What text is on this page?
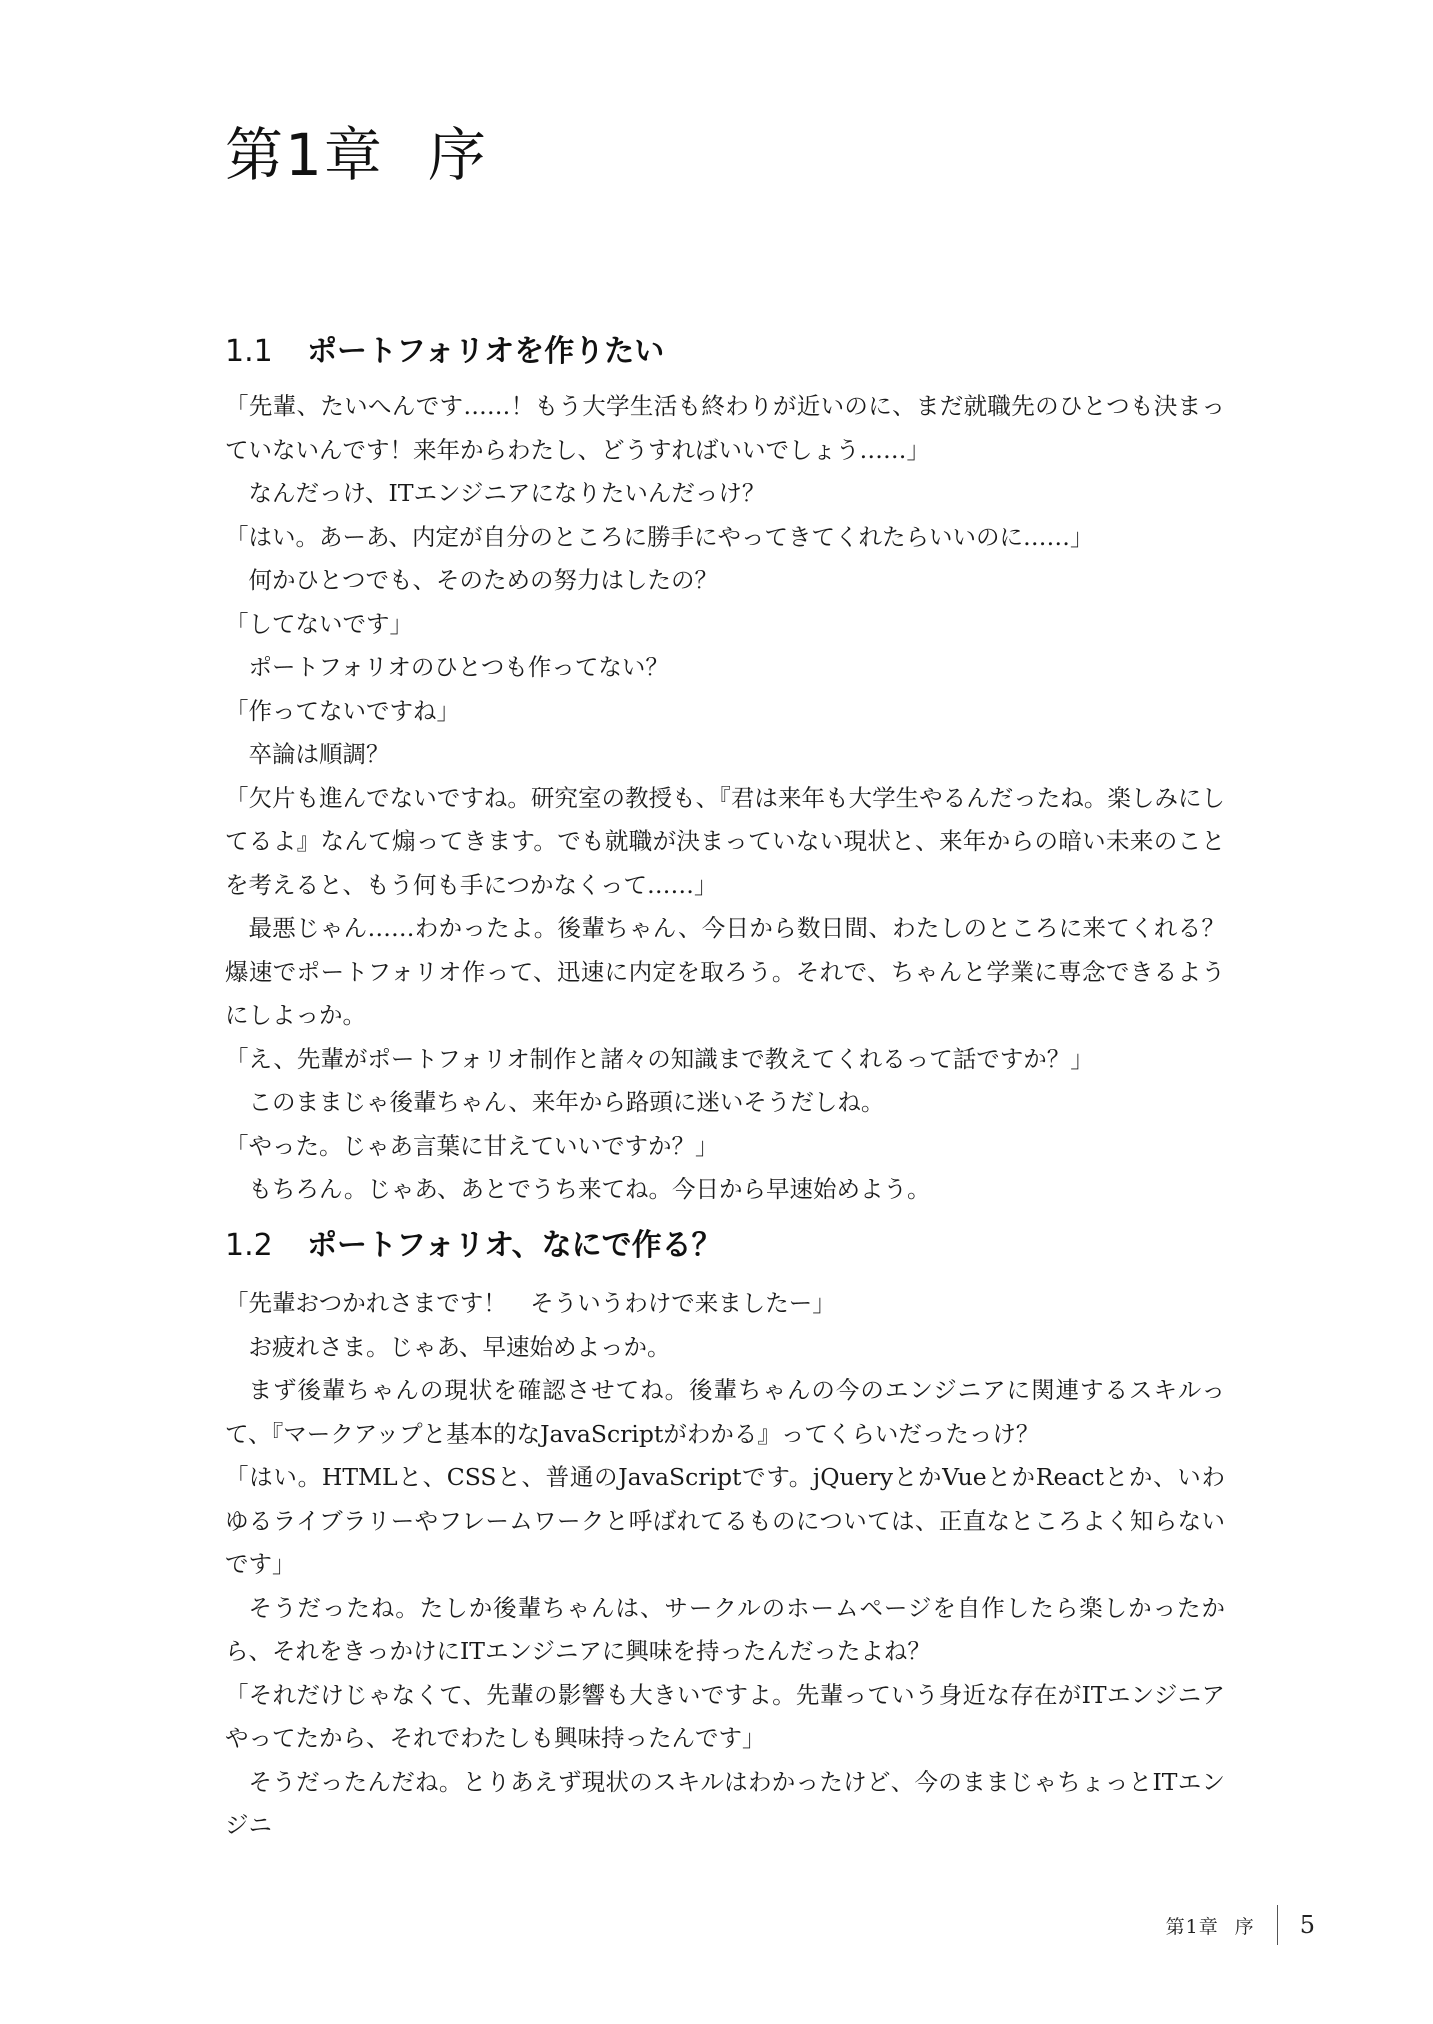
第1章 序
1.1 ポートフォリオを作りたい

「先輩、たいへんです……！もう大学生活も終わりが近いのに、まだ就職先のひとつも決まっていないんです！来年からわたし、どうすればいいでしょう……」

なんだっけ、ITエンジニアになりたいんだっけ？

「はい。あーあ、内定が自分のところに勝手にやってきてくれたらいいのに……」

何かひとつでも、そのための努力はしたの？

「してないです」

ポートフォリオのひとつも作ってない？

「作ってないですね」

卒論は順調？

「欠片も進んでないですね。研究室の教授も、『君は来年も大学生やるんだったね。楽しみにしてるよ』なんて煽ってきます。でも就職が決まっていない現状と、来年からの暗い未来のことを考えると、もう何も手につかなくって……」

最悪じゃん……わかったよ。後輩ちゃん、今日から数日間、わたしのところに来てくれる？　爆速でポートフォリオ作って、迅速に内定を取ろう。それで、ちゃんと学業に専念できるようにしよっか。

「え、先輩がポートフォリオ制作と諸々の知識まで教えてくれるって話ですか？」

このままじゃ後輩ちゃん、来年から路頭に迷いそうだしね。

「やった。じゃあ言葉に甘えていいですか？」

もちろん。じゃあ、あとでうち来てね。今日から早速始めよう。

1.2 ポートフォリオ、なにで作る？

「先輩おつかれさまです！　そういうわけで来ましたー」

お疲れさま。じゃあ、早速始めよっか。

まず後輩ちゃんの現状を確認させてね。後輩ちゃんの今のエンジニアに関連するスキルって、『マークアップと基本的なJavaScriptがわかる』ってくらいだったっけ？

「はい。HTMLと、CSSと、普通のJavaScriptです。jQueryとかVueとかReactとか、いわゆるライブラリーやフレームワークと呼ばれてるものについては、正直なところよく知らないです」

そうだったね。たしか後輩ちゃんは、サークルのホームページを自作したら楽しかったから、それをきっかけにITエンジニアに興味を持ったんだったよね？

「それだけじゃなくて、先輩の影響も大きいですよ。先輩っていう身近な存在がITエンジニアやってたから、それでわたしも興味持ったんです」

そうだったんだね。とりあえず現状のスキルはわかったけど、今のままじゃちょっとITエンジニ

第1章 序 5
